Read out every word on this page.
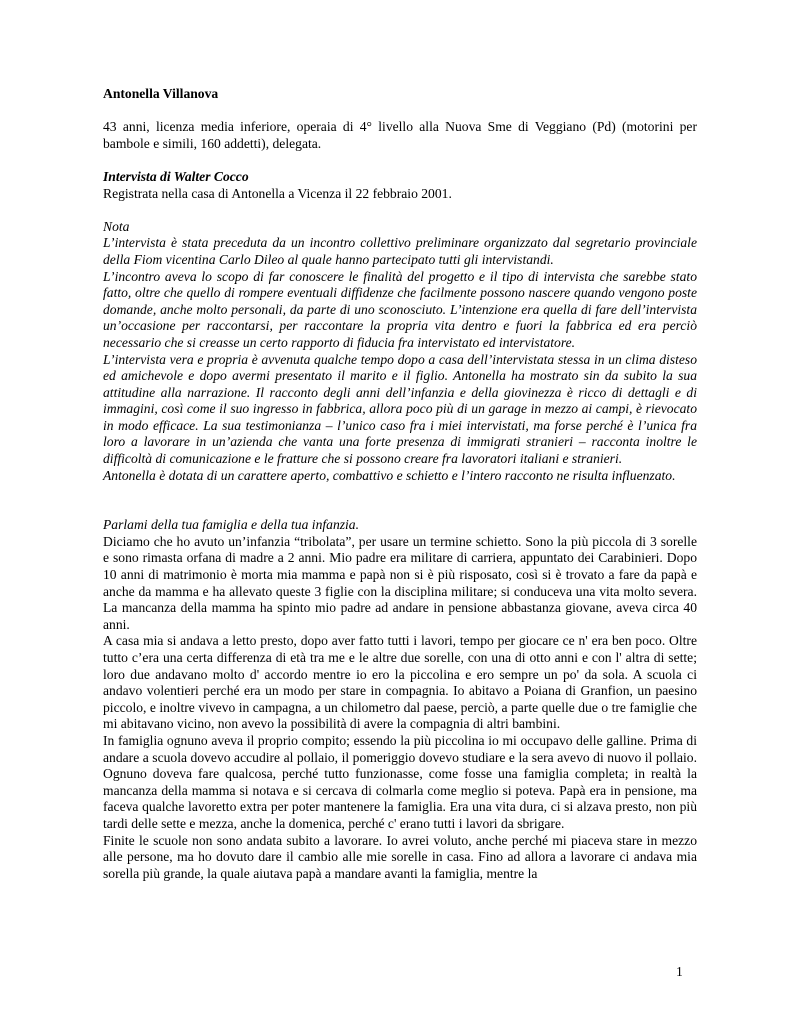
Antonella Villanova

43 anni, licenza media inferiore, operaia di 4° livello alla Nuova Sme di Veggiano (Pd) (motorini per bambole e simili, 160 addetti), delegata.

Intervista di Walter Cocco

Registrata nella casa di Antonella a Vicenza il 22 febbraio 2001.

Nota

L’intervista è stata preceduta da un incontro collettivo preliminare organizzato dal segretario provinciale della Fiom vicentina Carlo Dileo al quale hanno partecipato tutti gli intervistandi.

L’incontro aveva lo scopo di far conoscere le finalità del progetto e il tipo di intervista che sarebbe stato fatto, oltre che quello di rompere eventuali diffidenze che facilmente possono nascere quando vengono poste domande, anche molto personali, da parte di uno sconosciuto. L’intenzione era quella di fare dell’intervista un’occasione per raccontarsi, per raccontare la propria vita dentro e fuori la fabbrica ed era perciò necessario che si creasse un certo rapporto di fiducia fra intervistato ed intervistatore.

L’intervista vera e propria è avvenuta qualche tempo dopo a casa dell’intervistata stessa in un clima disteso ed amichevole e dopo avermi presentato il marito e il figlio. Antonella ha mostrato sin da subito la sua attitudine alla narrazione. Il racconto degli anni dell’infanzia e della giovinezza è ricco di dettagli e di immagini, così come il suo ingresso in fabbrica, allora poco più di un garage in mezzo ai campi, è rievocato in modo efficace. La sua testimonianza – l’unico caso fra i miei intervistati, ma forse perché è l’unica fra loro a lavorare in un’azienda che vanta una forte presenza di immigrati stranieri – racconta inoltre le difficoltà di comunicazione e le fratture che si possono creare fra lavoratori italiani e stranieri.

Antonella è dotata di un carattere aperto, combattivo e schietto e l’intero racconto ne risulta influenzato.

Parlami della tua famiglia e della tua infanzia.

Diciamo che ho avuto un’infanzia “tribolata”, per usare un termine schietto. Sono la più piccola di 3 sorelle e sono rimasta orfana di madre a 2 anni. Mio padre era militare di carriera, appuntato dei Carabinieri. Dopo 10 anni di matrimonio è morta mia mamma e papà non si è più risposato, così si è trovato a fare da papà e anche da mamma e ha allevato queste 3 figlie con la disciplina militare; si conduceva una vita molto severa. La mancanza della mamma ha spinto mio padre ad andare in pensione abbastanza giovane, aveva circa 40 anni.

A casa mia si andava a letto presto, dopo aver fatto tutti i lavori, tempo per giocare ce n' era ben poco. Oltre tutto c’era una certa differenza di età tra me e le altre due sorelle, con una di otto anni e con l' altra di sette; loro due andavano molto d' accordo mentre io ero la piccolina e ero sempre un po' da sola. A scuola ci andavo volentieri perché era un modo per stare in compagnia. Io abitavo a Poiana di Granfion, un paesino piccolo, e inoltre vivevo in campagna, a un chilometro dal paese, perciò, a parte quelle due o tre famiglie che mi abitavano vicino, non avevo la possibilità di avere la compagnia di altri bambini.

In famiglia ognuno aveva il proprio compito; essendo la più piccolina io mi occupavo delle galline. Prima di andare a scuola dovevo accudire al pollaio, il pomeriggio dovevo studiare e la sera avevo di nuovo il pollaio. Ognuno doveva fare qualcosa, perché tutto funzionasse, come fosse una famiglia completa; in realtà la mancanza della mamma si notava e si cercava di colmarla come meglio si poteva. Papà era in pensione, ma faceva qualche lavoretto extra per poter mantenere la famiglia. Era una vita dura, ci si alzava presto, non più tardi delle sette e mezza, anche la domenica, perché c' erano tutti i lavori da sbrigare.

Finite le scuole non sono andata subito a lavorare. Io avrei voluto, anche perché mi piaceva stare in mezzo alle persone, ma ho dovuto dare il cambio alle mie sorelle in casa. Fino ad allora a lavorare ci andava mia sorella più grande, la quale aiutava papà a mandare avanti la famiglia, mentre la

1
